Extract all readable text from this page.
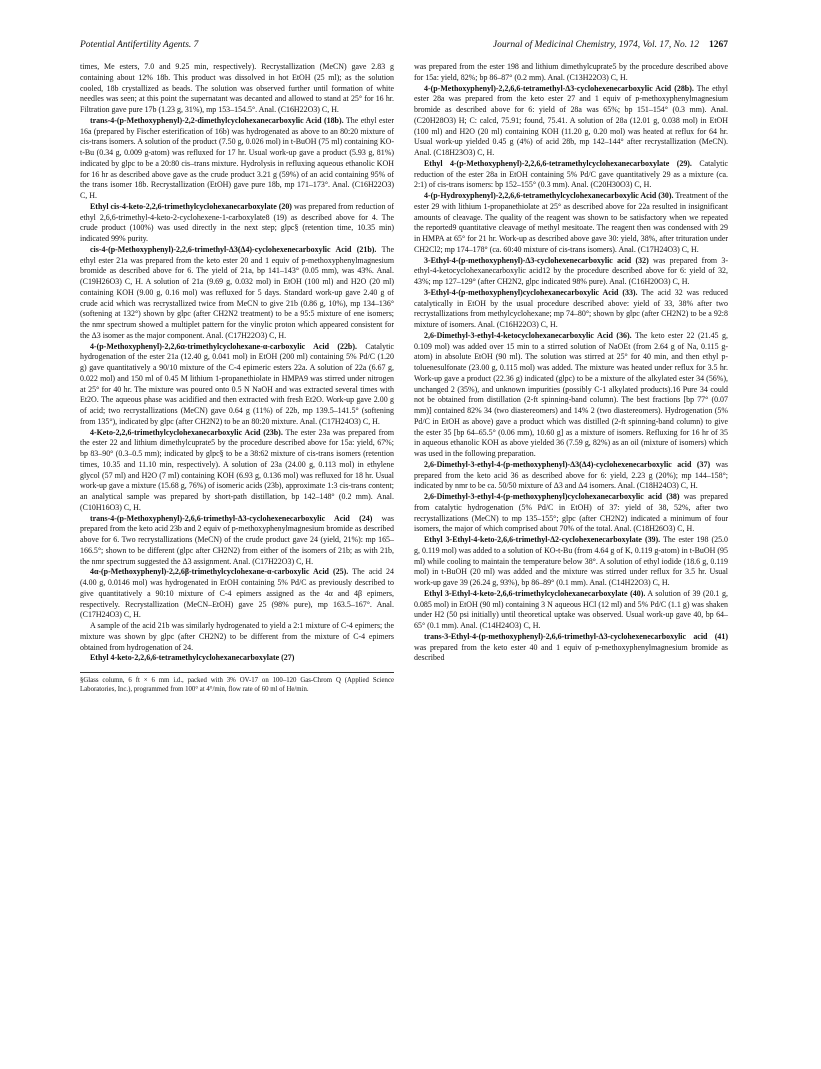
Potential Antifertility Agents. 7	Journal of Medicinal Chemistry, 1974, Vol. 17, No. 12 1267

times, Me esters, 7.0 and 9.25 min, respectively). Recrystallization (MeCN) gave 2.83 g containing about 12% 18b. This product was dissolved in hot EtOH (25 ml); as the solution cooled, 18b crystallized as beads. The solution was observed further until formation of white needles was seen; at this point the supernatant was decanted and allowed to stand at 25° for 16 hr. Filtration gave pure 17b (1.23 g, 31%), mp 153–154.5°. Anal. (C16H22O3) C, H.

trans-4-(p-Methoxyphenyl)-2,2-dimethylcyclohexanecarboxylic Acid (18b). The ethyl ester 16a (prepared by Fischer esterification of 16b) was hydrogenated as above to an 80:20 mixture of cis-trans isomers. A solution of the product (7.50 g, 0.026 mol) in t-BuOH (75 ml) containing KO-t-Bu (0.34 g, 0.009 g-atom) was refluxed for 17 hr. Usual work-up gave a product (5.93 g, 81%) indicated by glpc to be a 20:80 cis–trans mixture. Hydrolysis in refluxing aqueous ethanolic KOH for 16 hr as described above gave as the crude product 3.21 g (59%) of an acid containing 95% of the trans isomer 18b. Recrystallization (EtOH) gave pure 18b, mp 171–173°. Anal. (C16H22O3) C, H.

Ethyl cis-4-keto-2,2,6-trimethylcyclohexanecarboxylate (20) was prepared from reduction of ethyl 2,6,6-trimethyl-4-keto-2-cyclohexene-1-carboxylate8 (19) as described above for 4. The crude product (100%) was used directly in the next step; glpc§ (retention time, 10.35 min) indicated 99% purity.

cis-4-(p-Methoxyphenyl)-2,2,6-trimethyl-Δ3(Δ4)-cyclohexenecarboxylic Acid (21b). The ethyl ester 21a was prepared from the keto ester 20 and 1 equiv of p-methoxyphenylmagnesium bromide as described above for 6. The yield of 21a, bp 141–143° (0.05 mm), was 43%. Anal. (C19H26O3) C, H. A solution of 21a (9.69 g, 0.032 mol) in EtOH (100 ml) and H2O (20 ml) containing KOH (9.00 g, 0.16 mol) was refluxed for 5 days. Standard work-up gave 2.40 g of crude acid which was recrystallized twice from MeCN to give 21b (0.86 g, 10%), mp 134–136° (softening at 132°) shown by glpc (after CH2N2 treatment) to be a 95:5 mixture of ene isomers; the nmr spectrum showed a multiplet pattern for the vinylic proton which appeared consistent for the Δ3 isomer as the major component. Anal. (C17H22O3) C, H.

4-(p-Methoxyphenyl)-2,2,6α-trimethylcyclohexane-α-carboxylic Acid (22b). Catalytic hydrogenation of the ester 21a (12.40 g, 0.041 mol) in EtOH (200 ml) containing 5% Pd/C (1.20 g) gave quantitatively a 90/10 mixture of the C-4 epimeric esters 22a. A solution of 22a (6.67 g, 0.022 mol) and 150 ml of 0.45 M lithium 1-propanethiolate in HMPA9 was stirred under nitrogen at 25° for 40 hr. The mixture was poured onto 0.5 N NaOH and was extracted several times with Et2O. The aqueous phase was acidified and then extracted with fresh Et2O. Work-up gave 2.00 g of acid; two recrystallizations (MeCN) gave 0.64 g (11%) of 22b, mp 139.5–141.5° (softening from 135°), indicated by glpc (after CH2N2) to be an 80:20 mixture. Anal. (C17H24O3) C, H.

4-Keto-2,2,6-trimethylcyclohexanecarboxylic Acid (23b). The ester 23a was prepared from the ester 22 and lithium dimethylcuprate5 by the procedure described above for 15a: yield, 67%; bp 83–90° (0.3–0.5 mm); indicated by glpc§ to be a 38:62 mixture of cis-trans isomers (retention times, 10.35 and 11.10 min, respectively). A solution of 23a (24.00 g, 0.113 mol) in ethylene glycol (57 ml) and H2O (7 ml) containing KOH (6.93 g, 0.136 mol) was refluxed for 18 hr. Usual work-up gave a mixture (15.68 g, 76%) of isomeric acids (23b), approximate 1:3 cis-trans content; an analytical sample was prepared by short-path distillation, bp 142–148° (0.2 mm). Anal. (C10H16O3) C, H.

trans-4-(p-Methoxyphenyl)-2,6,6-trimethyl-Δ3-cyclohexenecarboxylic Acid (24) was prepared from the keto acid 23b and 2 equiv of p-methoxyphenylmagnesium bromide as described above for 6. Two recrystallizations (MeCN) of the crude product gave 24 (yield, 21%): mp 165–166.5°; shown to be different (glpc after CH2N2) from either of the isomers of 21b; as with 21b, the nmr spectrum suggested the Δ3 assignment. Anal. (C17H22O3) C, H.

4α-(p-Methoxyphenyl)-2,2,6β-trimethylcyclohexane-α-carboxylic Acid (25). The acid 24 (4.00 g, 0.0146 mol) was hydrogenated in EtOH containing 5% Pd/C as previously described to give quantitatively a 90:10 mixture of C-4 epimers assigned as the 4α and 4β epimers, respectively. Recrystallization (MeCN–EtOH) gave 25 (98% pure), mp 163.5–167°. Anal. (C17H24O3) C, H.

A sample of the acid 21b was similarly hydrogenated to yield a 2:1 mixture of C-4 epimers; the mixture was shown by glpc (after CH2N2) to be different from the mixture of C-4 epimers obtained from hydrogenation of 24.

Ethyl 4-keto-2,2,6,6-tetramethylcyclohexanecarboxylate (27)

§Glass column, 6 ft × 6 mm i.d., packed with 3% OV-17 on 100–120 Gas-Chrom Q (Applied Science Laboratories, Inc.), programmed from 100° at 4°/min, flow rate of 60 ml of He/min.

was prepared from the ester 198 and lithium dimethylcuprate5 by the procedure described above for 15a: yield, 82%; bp 86–87° (0.2 mm). Anal. (C13H22O3) C, H.

4-(p-Methoxyphenyl)-2,2,6,6-tetramethyl-Δ3-cyclohexenecarboxylic Acid (28b). The ethyl ester 28a was prepared from the keto ester 27 and 1 equiv of p-methoxyphenylmagnesium bromide as described above for 6: yield of 28a was 65%; bp 151–154° (0.3 mm). Anal. (C20H28O3) H; C: calcd, 75.91; found, 75.41. A solution of 28a (12.01 g, 0.038 mol) in EtOH (100 ml) and H2O (20 ml) containing KOH (11.20 g, 0.20 mol) was heated at reflux for 64 hr. Usual work-up yielded 0.45 g (4%) of acid 28b, mp 142–144° after recrystallization (MeCN). Anal. (C18H23O3) C, H.

Ethyl 4-(p-Methoxyphenyl)-2,2,6,6-tetramethylcyclohexanecarboxylate (29). Catalytic reduction of the ester 28a in EtOH containing 5% Pd/C gave quantitatively 29 as a mixture (ca. 2:1) of cis-trans isomers: bp 152–155° (0.3 mm). Anal. (C20H30O3) C, H.

4-(p-Hydroxyphenyl)-2,2,6,6-tetramethylcyclohexanecarboxylic Acid (30). Treatment of the ester 29 with lithium 1-propanethiolate at 25° as described above for 22a resulted in insignificant amounts of cleavage. The quality of the reagent was shown to be satisfactory when we repeated the reported9 quantitative cleavage of methyl mesitoate. The reagent then was condensed with 29 in HMPA at 65° for 21 hr. Work-up as described above gave 30: yield, 38%, after trituration under CH2Cl2; mp 174–178° (ca. 60:40 mixture of cis-trans isomers). Anal. (C17H24O3) C, H.

3-Ethyl-4-(p-methoxyphenyl)-Δ3-cyclohexenecarboxylic acid (32) was prepared from 3-ethyl-4-ketocyclohexanecarboxylic acid12 by the procedure described above for 6: yield of 32, 43%; mp 127–129° (after CH2N2, glpc indicated 98% pure). Anal. (C16H20O3) C, H.

3-Ethyl-4-(p-methoxyphenyl)cyclohexanecarboxylic Acid (33). The acid 32 was reduced catalytically in EtOH by the usual procedure described above: yield of 33, 38% after two recrystallizations from methylcyclohexane; mp 74–80°; shown by glpc (after CH2N2) to be a 92:8 mixture of isomers. Anal. (C16H22O3) C, H.

2,6-Dimethyl-3-ethyl-4-ketocyclohexanecarboxylic Acid (36). The keto ester 22 (21.45 g, 0.109 mol) was added over 15 min to a stirred solution of NaOEt (from 2.64 g of Na, 0.115 g-atom) in absolute EtOH (90 ml). The solution was stirred at 25° for 40 min, and then ethyl p-toluenesulfonate (23.00 g, 0.115 mol) was added. The mixture was heated under reflux for 3.5 hr. Work-up gave a product (22.36 g) indicated (glpc) to be a mixture of the alkylated ester 34 (56%), unchanged 2 (35%), and unknown impurities (possibly C-1 alkylated products).16 Pure 34 could not be obtained from distillation (2-ft spinning-band column). The best fractions [bp 77° (0.07 mm)] contained 82% 34 (two diastereomers) and 14% 2 (two diastereomers). Hydrogenation (5% Pd/C in EtOH as above) gave a product which was distilled (2-ft spinning-band column) to give the ester 35 [bp 64–65.5° (0.06 mm), 10.60 g] as a mixture of isomers. Refluxing for 16 hr of 35 in aqueous ethanolic KOH as above yielded 36 (7.59 g, 82%) as an oil (mixture of isomers) which was used in the following preparation.

2,6-Dimethyl-3-ethyl-4-(p-methoxyphenyl)-Δ3(Δ4)-cyclohexenecarboxylic acid (37) was prepared from the keto acid 36 as described above for 6: yield, 2.23 g (20%); mp 144–158°; indicated by nmr to be ca. 50/50 mixture of Δ3 and Δ4 isomers. Anal. (C18H24O3) C, H.

2,6-Dimethyl-3-ethyl-4-(p-methoxyphenyl)cyclohexanecarboxylic acid (38) was prepared from catalytic hydrogenation (5% Pd/C in EtOH) of 37: yield of 38, 52%, after two recrystallizations (MeCN) to mp 135–155°; glpc (after CH2N2) indicated a minimum of four isomers, the major of which comprised about 70% of the total. Anal. (C18H26O3) C, H.

Ethyl 3-Ethyl-4-keto-2,6,6-trimethyl-Δ2-cyclohexenecarboxylate (39). The ester 198 (25.0 g, 0.119 mol) was added to a solution of KO-t-Bu (from 4.64 g of K, 0.119 g-atom) in t-BuOH (95 ml) while cooling to maintain the temperature below 38°. A solution of ethyl iodide (18.6 g, 0.119 mol) in t-BuOH (20 ml) was added and the mixture was stirred under reflux for 3.5 hr. Usual work-up gave 39 (26.24 g, 93%), bp 86–89° (0.1 mm). Anal. (C14H22O3) C, H.

Ethyl 3-Ethyl-4-keto-2,6,6-trimethylcyclohexanecarboxylate (40). A solution of 39 (20.1 g, 0.085 mol) in EtOH (90 ml) containing 3 N aqueous HCl (12 ml) and 5% Pd/C (1.1 g) was shaken under H2 (50 psi initially) until theoretical uptake was observed. Usual work-up gave 40, bp 64–65° (0.1 mm). Anal. (C14H24O3) C, H.

trans-3-Ethyl-4-(p-methoxyphenyl)-2,6,6-trimethyl-Δ3-cyclohexenecarboxylic acid (41) was prepared from the keto ester 40 and 1 equiv of p-methoxyphenylmagnesium bromide as described
